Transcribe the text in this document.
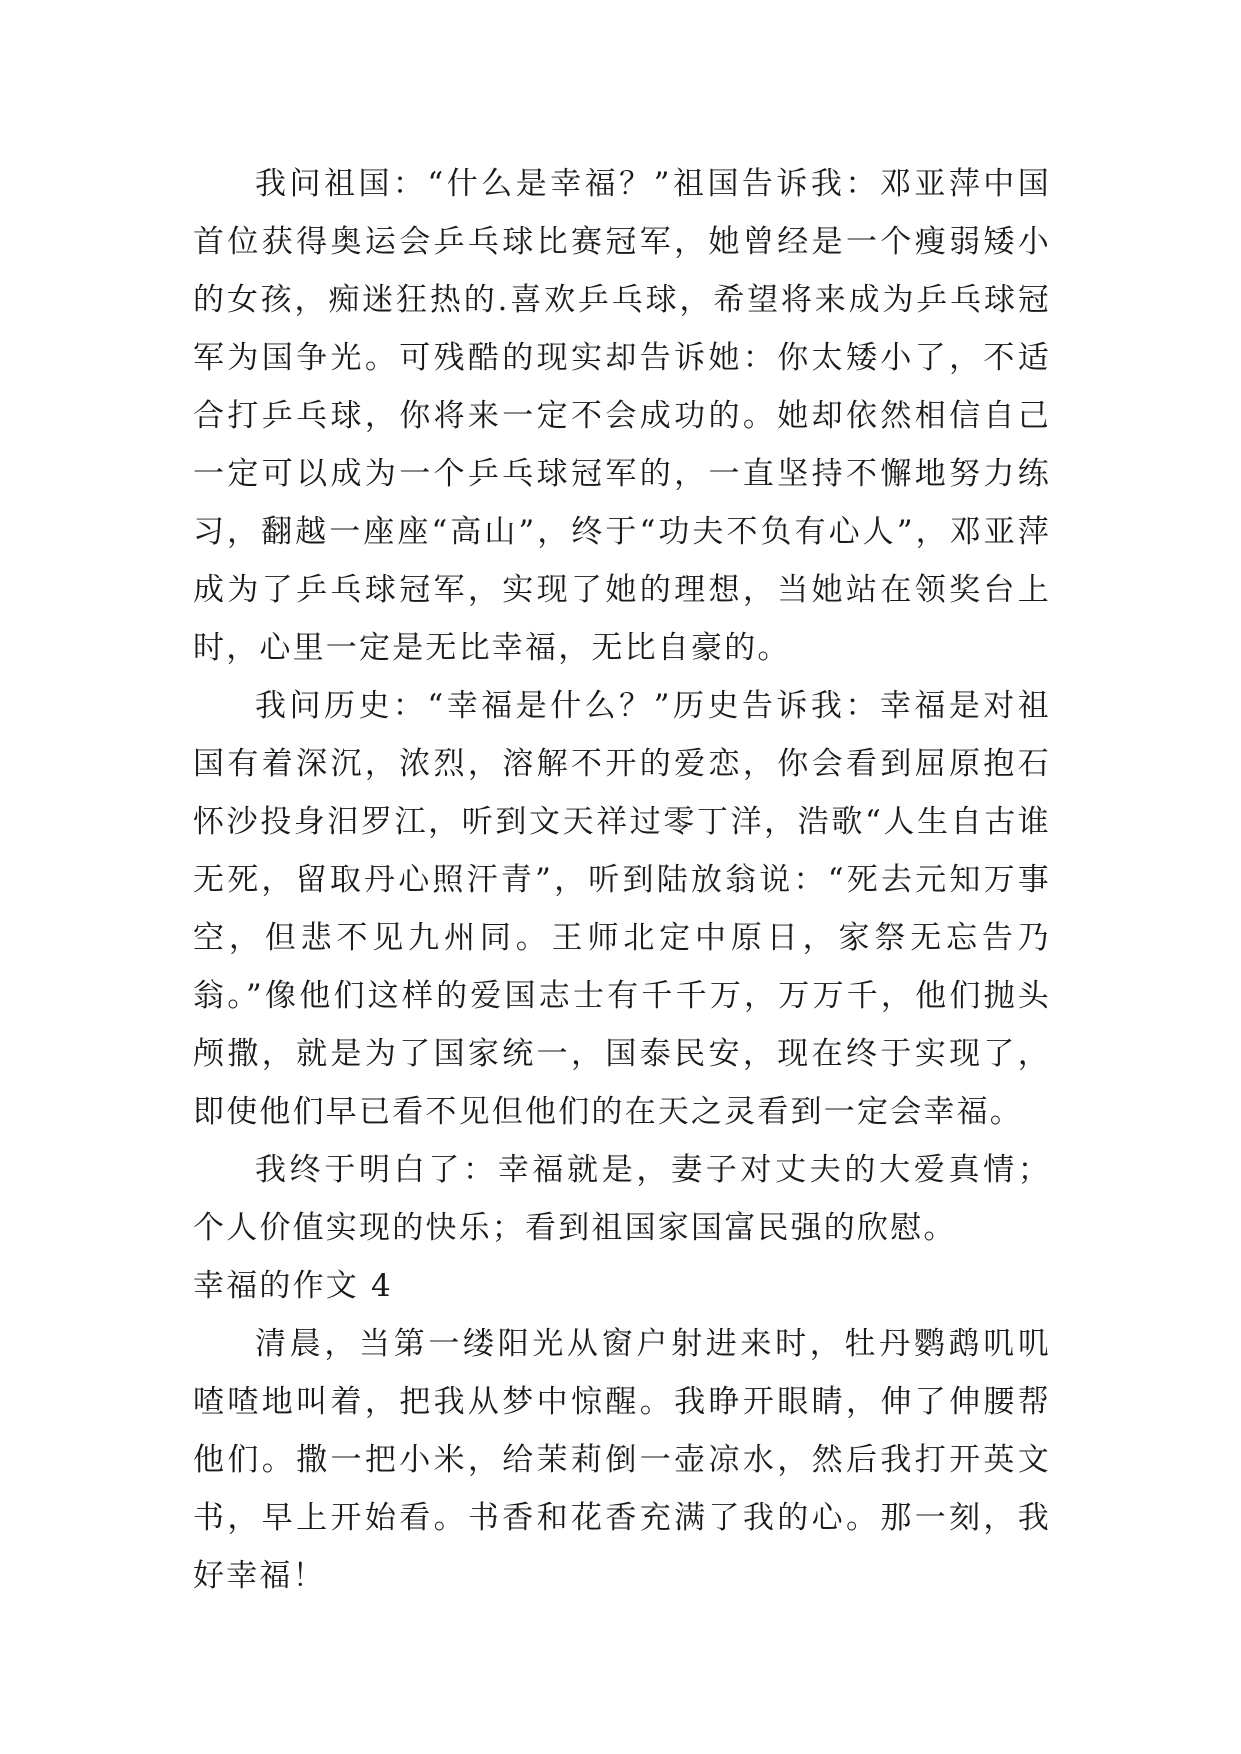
我问祖国：“什么是幸福？”祖国告诉我：邓亚萍中国首位获得奥运会乒乓球比赛冠军，她曾经是一个瘦弱矮小的女孩，痴迷狂热的.喜欢乒乓球，希望将来成为乒乓球冠军为国争光。可残酷的现实却告诉她：你太矮小了，不适合打乒乓球，你将来一定不会成功的。她却依然相信自己一定可以成为一个乒乓球冠军的，一直坚持不懈地努力练习，翻越一座座“高山”，终于“功夫不负有心人”，邓亚萍成为了乒乓球冠军，实现了她的理想，当她站在领奖台上时，心里一定是无比幸福，无比自豪的。

我问历史：“幸福是什么？”历史告诉我：幸福是对祖国有着深沉，浓烈，溶解不开的爱恋，你会看到屈原抱石怀沙投身汨罗江，听到文天祥过零丁洋，浩歌“人生自古谁无死，留取丹心照汗青”，听到陆放翁说：“死去元知万事空，但悲不见九州同。王师北定中原日，家祭无忘告乃翁。”像他们这样的爱国志士有千千万，万万千，他们抛头颅撒，就是为了国家统一，国泰民安，现在终于实现了，即使他们早已看不见但他们的在天之灵看到一定会幸福。

我终于明白了：幸福就是，妻子对丈夫的大爱真情；个人价值实现的快乐；看到祖国家国富民强的欣慰。

幸福的作文 4

清晨，当第一缕阳光从窗户射进来时，牡丹鹦鹉叽叽喳喳地叫着，把我从梦中惊醒。我睁开眼睛，伸了伸腰帮他们。撒一把小米，给茉莉倒一壶凉水，然后我打开英文书，早上开始看。书香和花香充满了我的心。那一刻，我好幸福！
